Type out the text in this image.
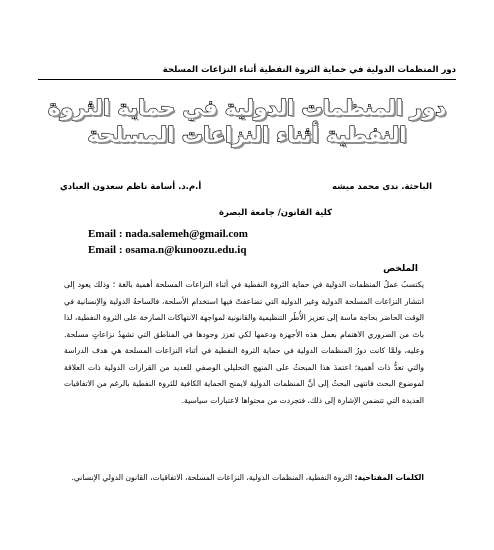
دور المنظمات الدولية في حماية الثروة النفطية أثناء النزاعات المسلحة
دور المنظمات الدولية في حماية الثروة
النفطية أثناء النزاعات المسلحة
الباحثة. ندى محمد ميشه
أ.م.د. أسامة ناظم سعدون العبادي
كلية القانون/ جامعة البصرة
Email : nada.salemeh@gmail.com
Email : osama.n@kunoozu.edu.iq
الملخص
يكتسبُ عملُ المنظمات الدولية في حماية الثروة النفطية في أثناء النزاعات المسلحة أهمية بالغة ؛ وذلك يعود إلى انتشار النزاعات المسلحة الدولية وغير الدولية التي تضاعفتْ فيها استخدام الأسلحة، فالساحةُ الدولية والإنسانية في الوقت الحاضر بحاجة ماسة إلى تعزيز الأُطُر التنظيمية والقانونية لمواجهة الانتهاكات الصارخة على الثروة النفطية، لذا باتَ من الضروري الاهتمام بعمل هذه الأجهزة ودعمها لكي تعزز وجودها في المناطق التي تشهدُ نزاعاتٍ مسلحة. وعليه، ولمَّا كانت دورُ المنظمات الدولية في حماية الثروة النفطية في أثناء النزاعات المسلحة هي هدف الدراسة والتي تعدُّ ذات أهمية؛ اعتمدَ هذا المبحثُ على المنهج التحليلي الوصفي للعديد من القرارات الدولية ذات العلاقة لموضوع البحث فانتهى البحثُ إلى أنَّ المنظمات الدولية لايمنح الحماية الكافية للثروة النفطية بالرغم من الاتفاقيات العديدة التي تتضمن الإشارة إلى ذلك، فتجردت من محتواها لاعتبارات سياسية.
الكلمات المفتاحية: الثروة النفطية، المنظمات الدولية، النزاعات المسلحة، الاتفاقيات، القانون الدولي الإنساني.
